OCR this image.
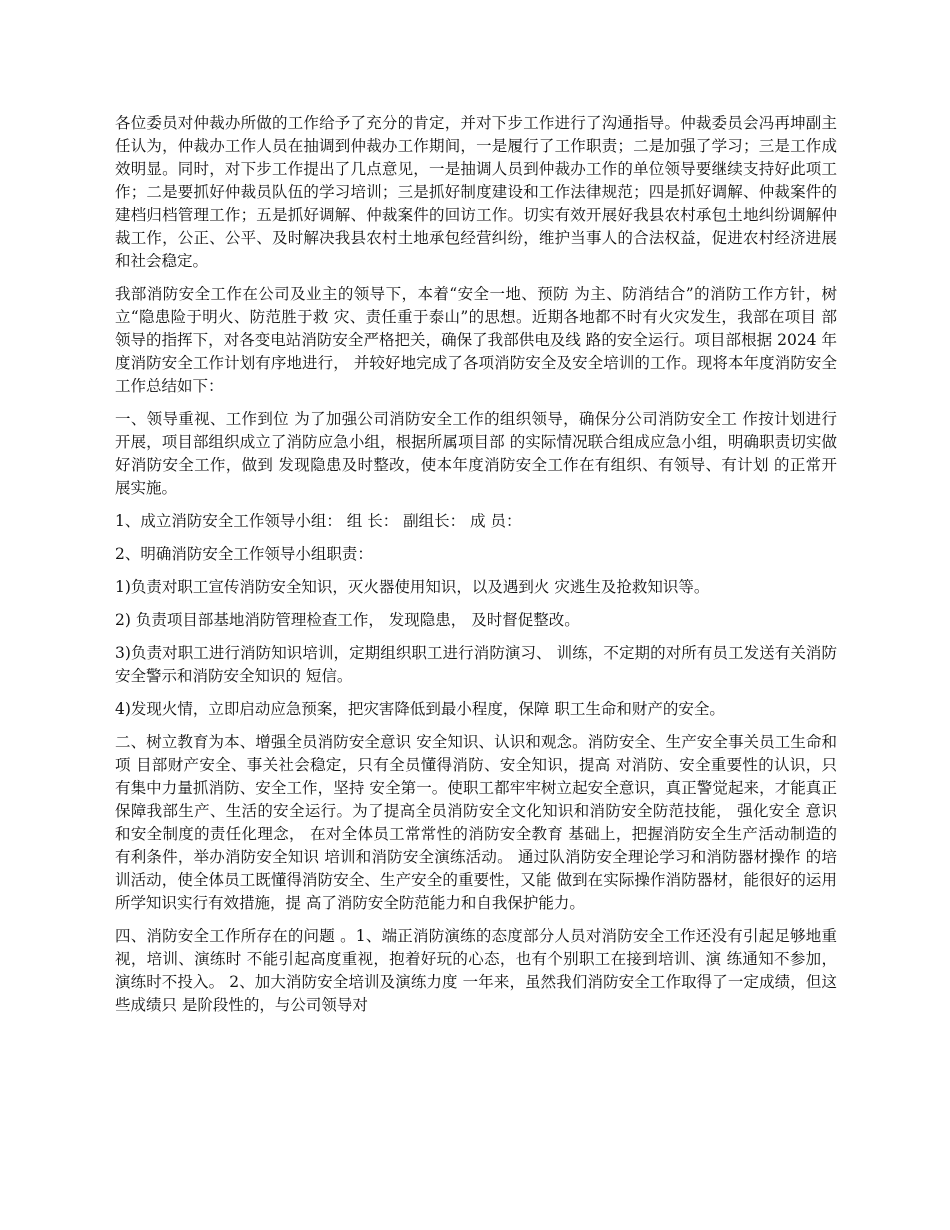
各位委员对仲裁办所做的工作给予了充分的肯定，并对下步工作进行了沟通指导。仲裁委员会冯再坤副主任认为，仲裁办工作人员在抽调到仲裁办工作期间，一是履行了工作职责；二是加强了学习；三是工作成效明显。同时，对下步工作提出了几点意见，一是抽调人员到仲裁办工作的单位领导要继续支持好此项工作；二是要抓好仲裁员队伍的学习培训；三是抓好制度建设和工作法律规范；四是抓好调解、仲裁案件的建档归档管理工作；五是抓好调解、仲裁案件的回访工作。切实有效开展好我县农村承包土地纠纷调解仲裁工作，公正、公平、及时解决我县农村土地承包经营纠纷，维护当事人的合法权益，促进农村经济进展和社会稳定。

我部消防安全工作在公司及业主的领导下，本着“安全一地、预防 为主、防消结合”的消防工作方针，树立“隐患险于明火、防范胜于救 灾、责任重于泰山”的思想。近期各地都不时有火灾发生，我部在项目 部领导的指挥下，对各变电站消防安全严格把关，确保了我部供电及线 路的安全运行。项目部根据 2024 年度消防安全工作计划有序地进行， 并较好地完成了各项消防安全及安全培训的工作。现将本年度消防安全 工作总结如下：

一、领导重视、工作到位 为了加强公司消防安全工作的组织领导，确保分公司消防安全工 作按计划进行开展，项目部组织成立了消防应急小组，根据所属项目部 的实际情况联合组成应急小组，明确职责切实做好消防安全工作，做到 发现隐患及时整改，使本年度消防安全工作在有组织、有领导、有计划 的正常开展实施。

1、成立消防安全工作领导小组： 组 长： 副组长： 成 员：

2、明确消防安全工作领导小组职责：

1)负责对职工宣传消防安全知识，灭火器使用知识，以及遇到火 灾逃生及抢救知识等。

2) 负责项目部基地消防管理检查工作， 发现隐患， 及时督促整改。

3)负责对职工进行消防知识培训，定期组织职工进行消防演习、 训练，不定期的对所有员工发送有关消防安全警示和消防安全知识的 短信。

4)发现火情，立即启动应急预案，把灾害降低到最小程度，保障 职工生命和财产的安全。

二、树立教育为本、增强全员消防安全意识 安全知识、认识和观念。消防安全、生产安全事关员工生命和项 目部财产安全、事关社会稳定，只有全员懂得消防、安全知识，提高 对消防、安全重要性的认识，只有集中力量抓消防、安全工作，坚持 安全第一。使职工都牢牢树立起安全意识，真正警觉起来，才能真正 保障我部生产、生活的安全运行。为了提高全员消防安全文化知识和消防安全防范技能， 强化安全 意识和安全制度的责任化理念， 在对全体员工常常性的消防安全教育 基础上，把握消防安全生产活动制造的有利条件，举办消防安全知识 培训和消防安全演练活动。 通过队消防安全理论学习和消防器材操作 的培训活动，使全体员工既懂得消防安全、生产安全的重要性，又能 做到在实际操作消防器材，能很好的运用所学知识实行有效措施，提 高了消防安全防范能力和自我保护能力。

四、消防安全工作所存在的问题 。1、端正消防演练的态度部分人员对消防安全工作还没有引起足够地重视，培训、演练时 不能引起高度重视，抱着好玩的心态，也有个别职工在接到培训、演 练通知不参加，演练时不投入。 2、加大消防安全培训及演练力度 一年来，虽然我们消防安全工作取得了一定成绩，但这些成绩只 是阶段性的，与公司领导对
